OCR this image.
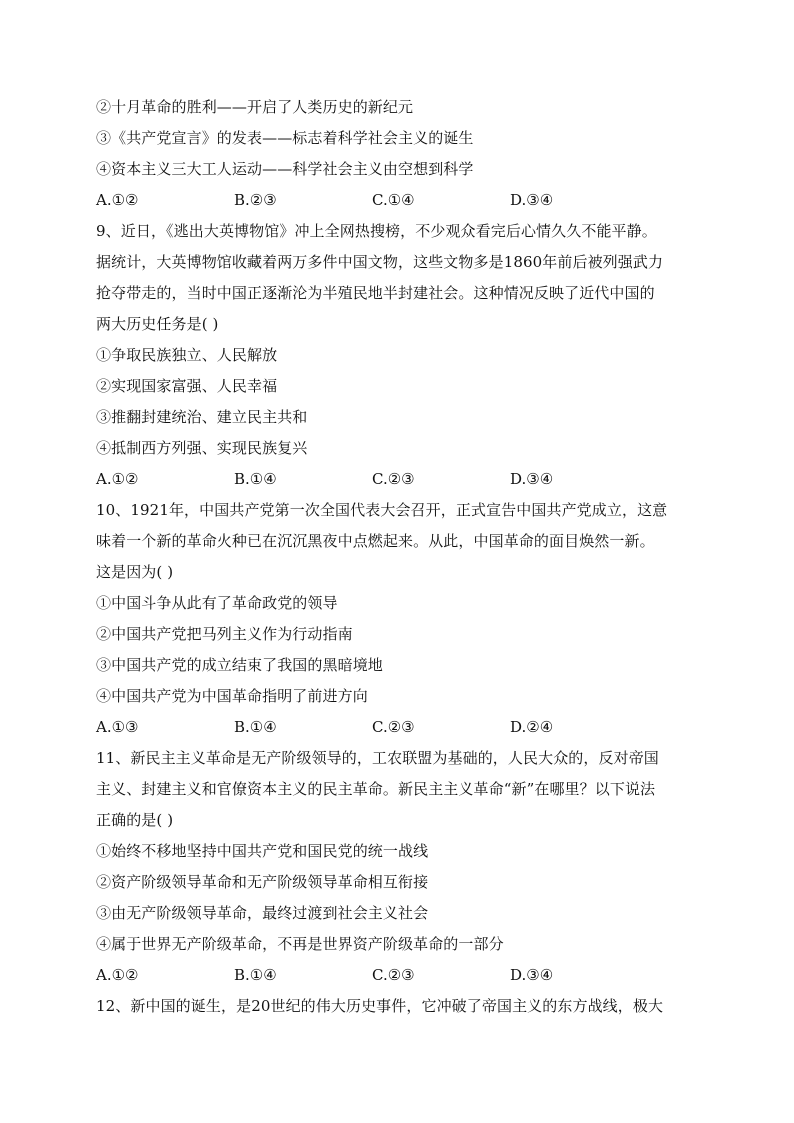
②十月革命的胜利——开启了人类历史的新纪元
③《共产党宣言》的发表——标志着科学社会主义的诞生
④资本主义三大工人运动——科学社会主义由空想到科学
A.①②	B.②③	C.①④	D.③④
9、近日，《逃出大英博物馆》冲上全网热搜榜，不少观众看完后心情久久不能平静。
据统计，大英博物馆收藏着两万多件中国文物，这些文物多是1860年前后被列强武力
抢夺带走的，当时中国正逐渐沦为半殖民地半封建社会。这种情况反映了近代中国的
两大历史任务是( )
①争取民族独立、人民解放
②实现国家富强、人民幸福
③推翻封建统治、建立民主共和
④抵制西方列强、实现民族复兴
A.①②	B.①④	C.②③	D.③④
10、1921年，中国共产党第一次全国代表大会召开，正式宣告中国共产党成立，这意
味着一个新的革命火种已在沉沉黑夜中点燃起来。从此，中国革命的面目焕然一新。
这是因为( )
①中国斗争从此有了革命政党的领导
②中国共产党把马列主义作为行动指南
③中国共产党的成立结束了我国的黑暗境地
④中国共产党为中国革命指明了前进方向
A.①③	B.①④	C.②③	D.②④
11、新民主主义革命是无产阶级领导的，工农联盟为基础的，人民大众的，反对帝国
主义、封建主义和官僚资本主义的民主革命。新民主主义革命“新”在哪里？以下说法
正确的是( )
①始终不移地坚持中国共产党和国民党的统一战线
②资产阶级领导革命和无产阶级领导革命相互衔接
③由无产阶级领导革命，最终过渡到社会主义社会
④属于世界无产阶级革命，不再是世界资产阶级革命的一部分
A.①②	B.①④	C.②③	D.③④
12、新中国的诞生，是20世纪的伟大历史事件，它冲破了帝国主义的东方战线，极大
